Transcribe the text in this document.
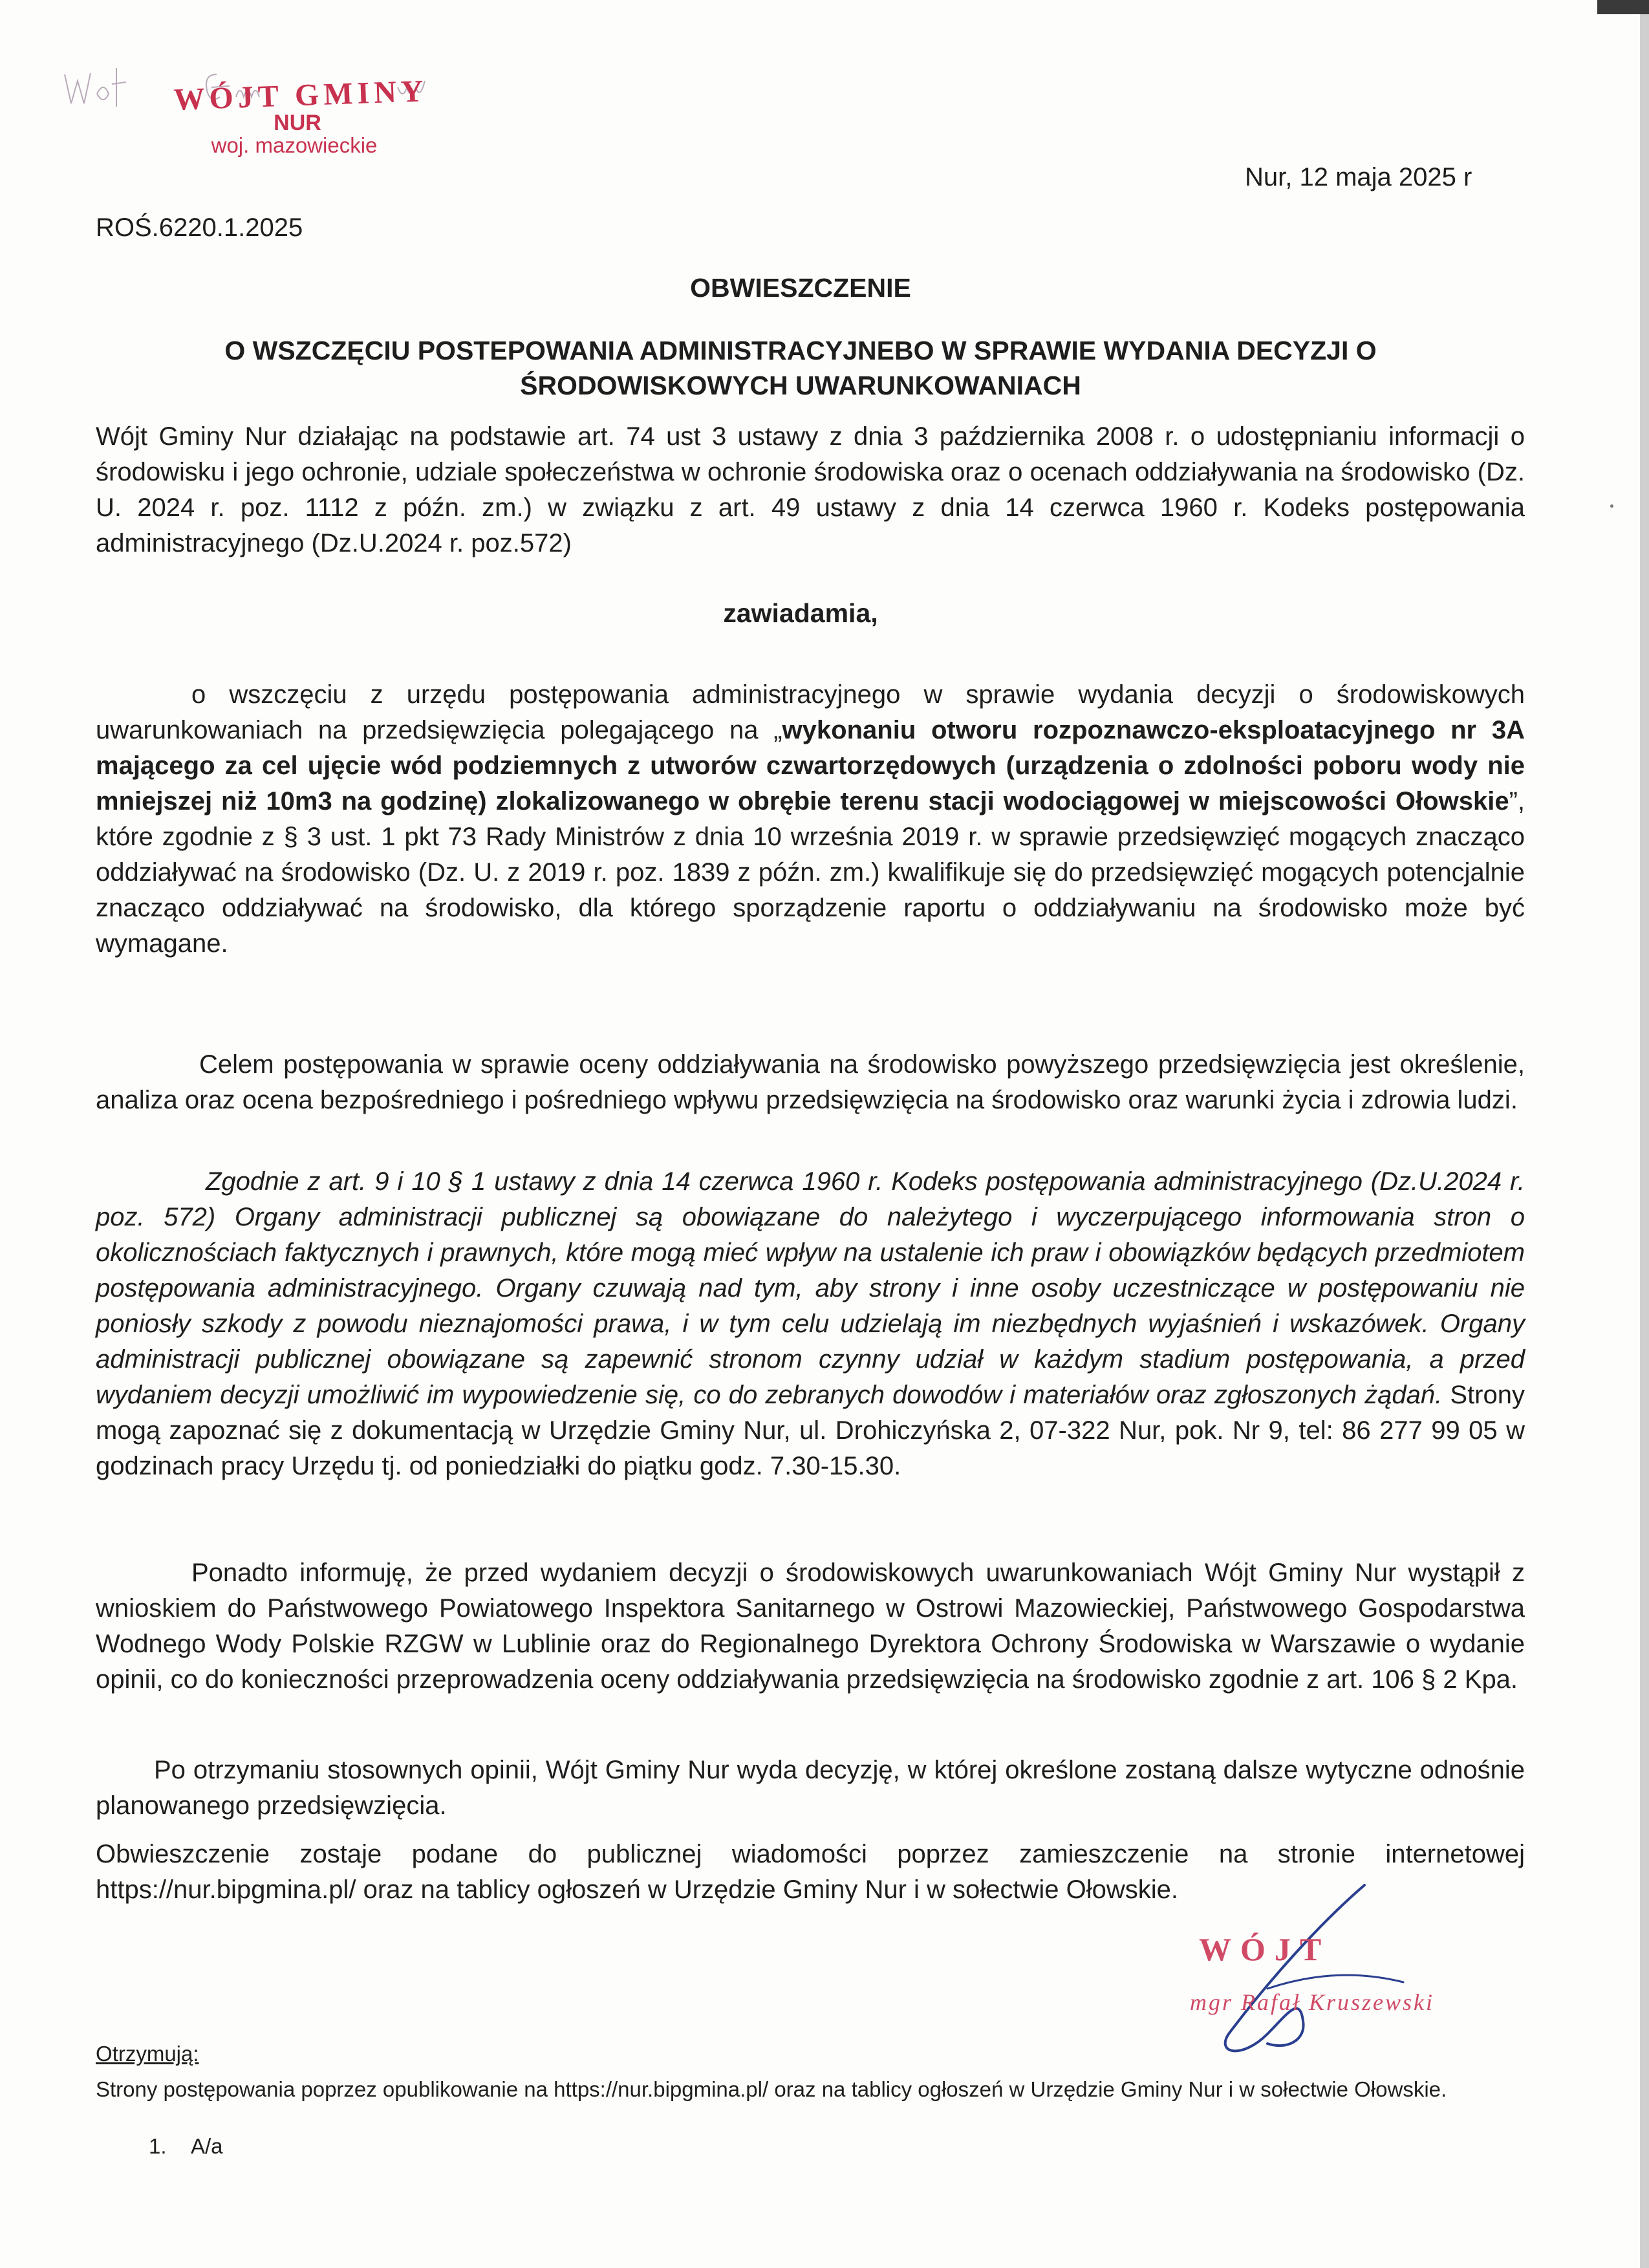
WÓJT GMINY
NUR
woj. mazowieckie
Nur, 12 maja 2025 r
ROŚ.6220.1.2025
OBWIESZCZENIE
O WSZCZĘCIU POSTEPOWANIA ADMINISTRACYJNEBO W SPRAWIE WYDANIA DECYZJI O
ŚRODOWISKOWYCH UWARUNKOWANIACH
Wójt Gminy Nur działając na podstawie art. 74 ust 3 ustawy z dnia 3 października 2008 r. o udostępnianiu informacji o środowisku i jego ochronie, udziale społeczeństwa w ochronie środowiska oraz o ocenach oddziaływania na środowisko (Dz. U. 2024 r. poz. 1112 z późn. zm.) w związku z art. 49 ustawy z dnia 14 czerwca 1960 r. Kodeks postępowania administracyjnego (Dz.U.2024 r. poz.572)
zawiadamia,
o wszczęciu z urzędu postępowania administracyjnego w sprawie wydania decyzji o środowiskowych uwarunkowaniach na przedsięwzięcia polegającego na „wykonaniu otworu rozpoznawczo-eksploatacyjnego nr 3A mającego za cel ujęcie wód podziemnych z utworów czwartorzędowych (urządzenia o zdolności poboru wody nie mniejszej niż 10m3 na godzinę) zlokalizowanego w obrębie terenu stacji wodociągowej w miejscowości Ołowskie”, które zgodnie z § 3 ust. 1 pkt 73 Rady Ministrów z dnia 10 września 2019 r. w sprawie przedsięwzięć mogących znacząco oddziaływać na środowisko (Dz. U. z 2019 r. poz. 1839 z późn. zm.) kwalifikuje się do przedsięwzięć mogących potencjalnie znacząco oddziaływać na środowisko, dla którego sporządzenie raportu o oddziaływaniu na środowisko może być wymagane.
Celem postępowania w sprawie oceny oddziaływania na środowisko powyższego przedsięwzięcia jest określenie, analiza oraz ocena bezpośredniego i pośredniego wpływu przedsięwzięcia na środowisko oraz warunki życia i zdrowia ludzi.
Zgodnie z art. 9 i 10 § 1 ustawy z dnia 14 czerwca 1960 r. Kodeks postępowania administracyjnego (Dz.U.2024 r. poz. 572) Organy administracji publicznej są obowiązane do należytego i wyczerpującego informowania stron o okolicznościach faktycznych i prawnych, które mogą mieć wpływ na ustalenie ich praw i obowiązków będących przedmiotem postępowania administracyjnego. Organy czuwają nad tym, aby strony i inne osoby uczestniczące w postępowaniu nie poniosły szkody z powodu nieznajomości prawa, i w tym celu udzielają im niezbędnych wyjaśnień i wskazówek. Organy administracji publicznej obowiązane są zapewnić stronom czynny udział w każdym stadium postępowania, a przed wydaniem decyzji umożliwić im wypowiedzenie się, co do zebranych dowodów i materiałów oraz zgłoszonych żądań. Strony mogą zapoznać się z dokumentacją w Urzędzie Gminy Nur, ul. Drohiczyńska 2, 07-322 Nur, pok. Nr 9, tel: 86 277 99 05 w godzinach pracy Urzędu tj. od poniedziałki do piątku godz. 7.30-15.30.
Ponadto informuję, że przed wydaniem decyzji o środowiskowych uwarunkowaniach Wójt Gminy Nur wystąpił z wnioskiem do Państwowego Powiatowego Inspektora Sanitarnego w Ostrowi Mazowieckiej, Państwowego Gospodarstwa Wodnego Wody Polskie RZGW w Lublinie oraz do Regionalnego Dyrektora Ochrony Środowiska w Warszawie o wydanie opinii, co do konieczności przeprowadzenia oceny oddziaływania przedsięwzięcia na środowisko zgodnie z art. 106 § 2 Kpa.
Po otrzymaniu stosownych opinii, Wójt Gminy Nur wyda decyzję, w której określone zostaną dalsze wytyczne odnośnie planowanego przedsięwzięcia.
Obwieszczenie zostaje podane do publicznej wiadomości poprzez zamieszczenie na stronie internetowej https://nur.bipgmina.pl/ oraz na tablicy ogłoszeń w Urzędzie Gminy Nur i w sołectwie Ołowskie.
WÓJT
mgr Rafał Kruszewski
Otrzymują:
Strony postępowania poprzez opublikowanie na https://nur.bipgmina.pl/ oraz na tablicy ogłoszeń w Urzędzie Gminy Nur i w sołectwie Ołowskie.
1. A/a
